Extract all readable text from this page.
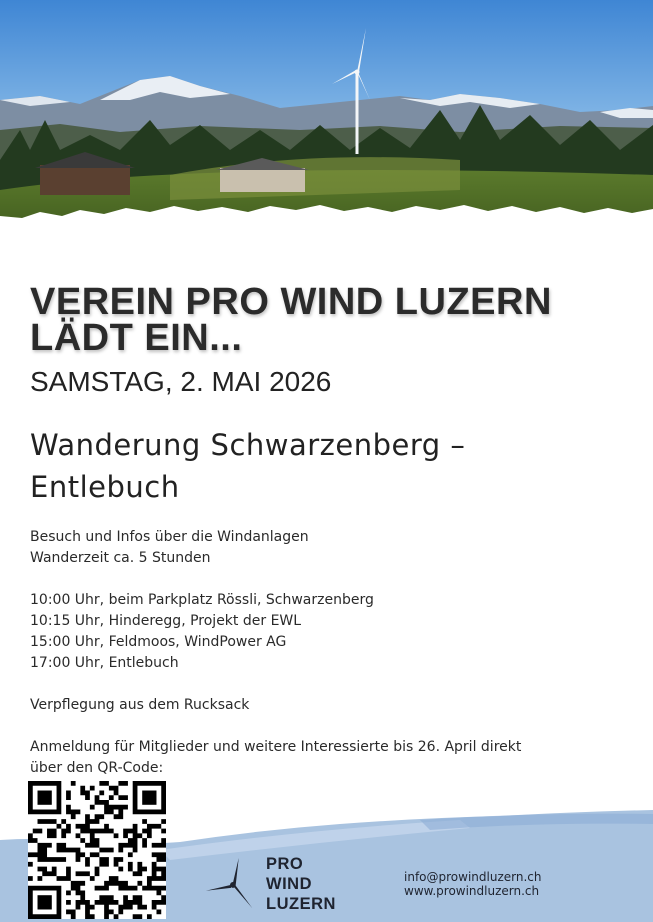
VEREIN PRO WIND LUZERN
LÄDT EIN...
SAMSTAG, 2. MAI 2026
Wanderung Schwarzenberg –
Entlebuch
Besuch und Infos über die Windanlagen
Wanderzeit ca. 5 Stunden
10:00 Uhr, beim Parkplatz Rössli, Schwarzenberg
10:15 Uhr, Hinderegg, Projekt der EWL
15:00 Uhr, Feldmoos, WindPower AG
17:00 Uhr, Entlebuch
Verpflegung aus dem Rucksack
Anmeldung für Mitglieder und weitere Interessierte bis 26. April direkt
über den QR-Code:
PRO
WIND
LUZERN
info@prowindluzern.ch
www.prowindluzern.ch
